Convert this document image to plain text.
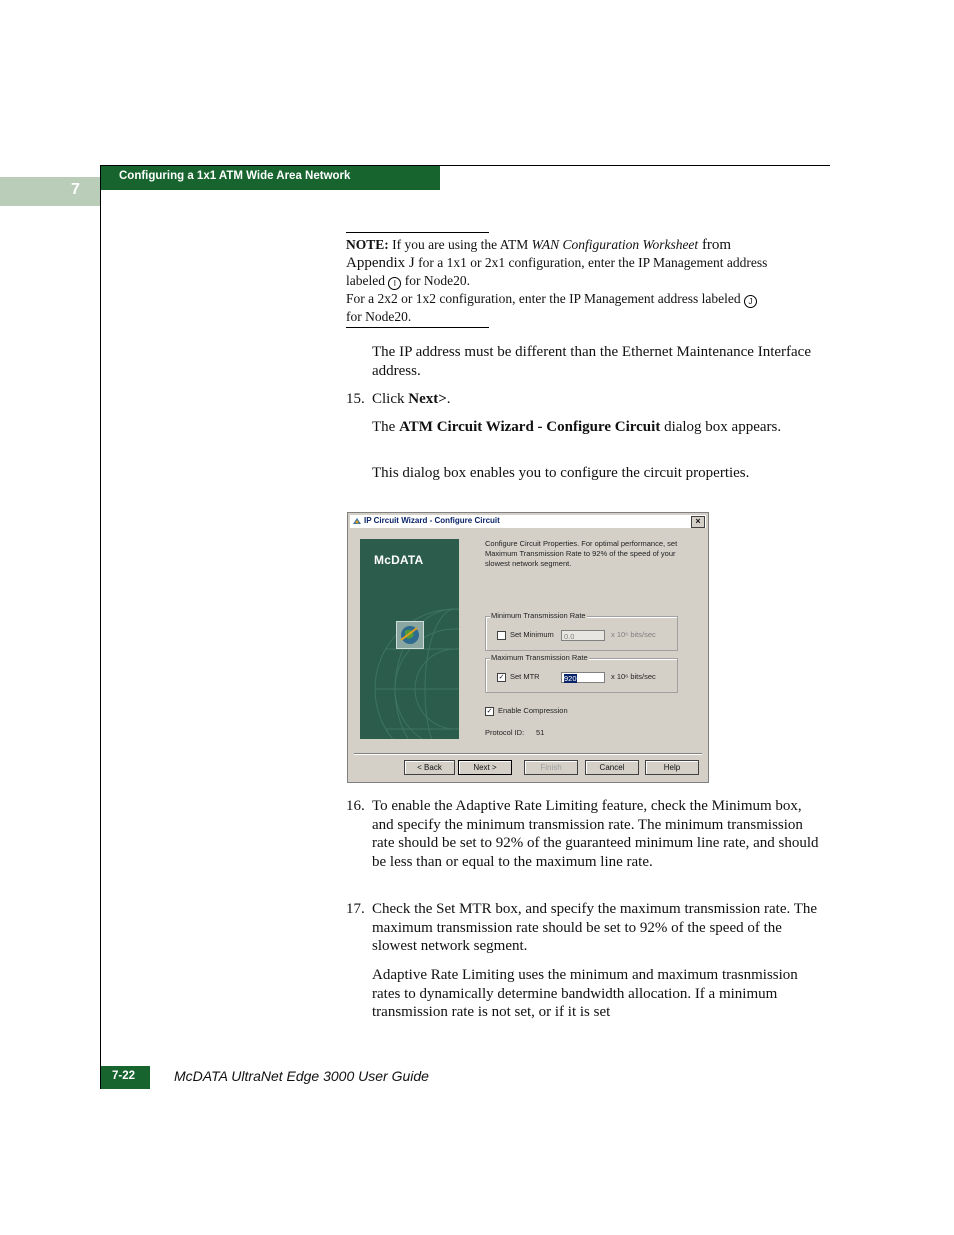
7
Configuring a 1x1 ATM Wide Area Network
NOTE: If you are using the ATM WAN Configuration Worksheet from
Appendix J for a 1x1 or 2x1 configuration, enter the IP Management address
labeled I for Node20.
For a 2x2 or 1x2 configuration, enter the IP Management address labeled J
for Node20.
The IP address must be different than the Ethernet Maintenance Interface address.
15. Click Next>.
The ATM Circuit Wizard - Configure Circuit dialog box appears.
This dialog box enables you to configure the circuit properties.
IP Circuit Wizard - Configure Circuit	×
McDATA
Configure Circuit Properties. For optimal performance, set Maximum Transmission Rate to 92% of the speed of your slowest network segment.
Minimum Transmission Rate
Set Minimum	0.0	x 10⁶ bits/sec
Maximum Transmission Rate
✓ Set MTR	920	x 10⁶ bits/sec
✓ Enable Compression
Protocol ID: 51
< Back	Next >	Finish	Cancel	Help
16. To enable the Adaptive Rate Limiting feature, check the Minimum box, and specify the minimum transmission rate. The minimum transmission rate should be set to 92% of the guaranteed minimum line rate, and should be less than or equal to the maximum line rate.
17. Check the Set MTR box, and specify the maximum transmission rate. The maximum transmission rate should be set to 92% of the speed of the slowest network segment.
Adaptive Rate Limiting uses the minimum and maximum trasnmission rates to dynamically determine bandwidth allocation. If a minimum transmission rate is not set, or if it is set
7-22	McDATA UltraNet Edge 3000 User Guide
